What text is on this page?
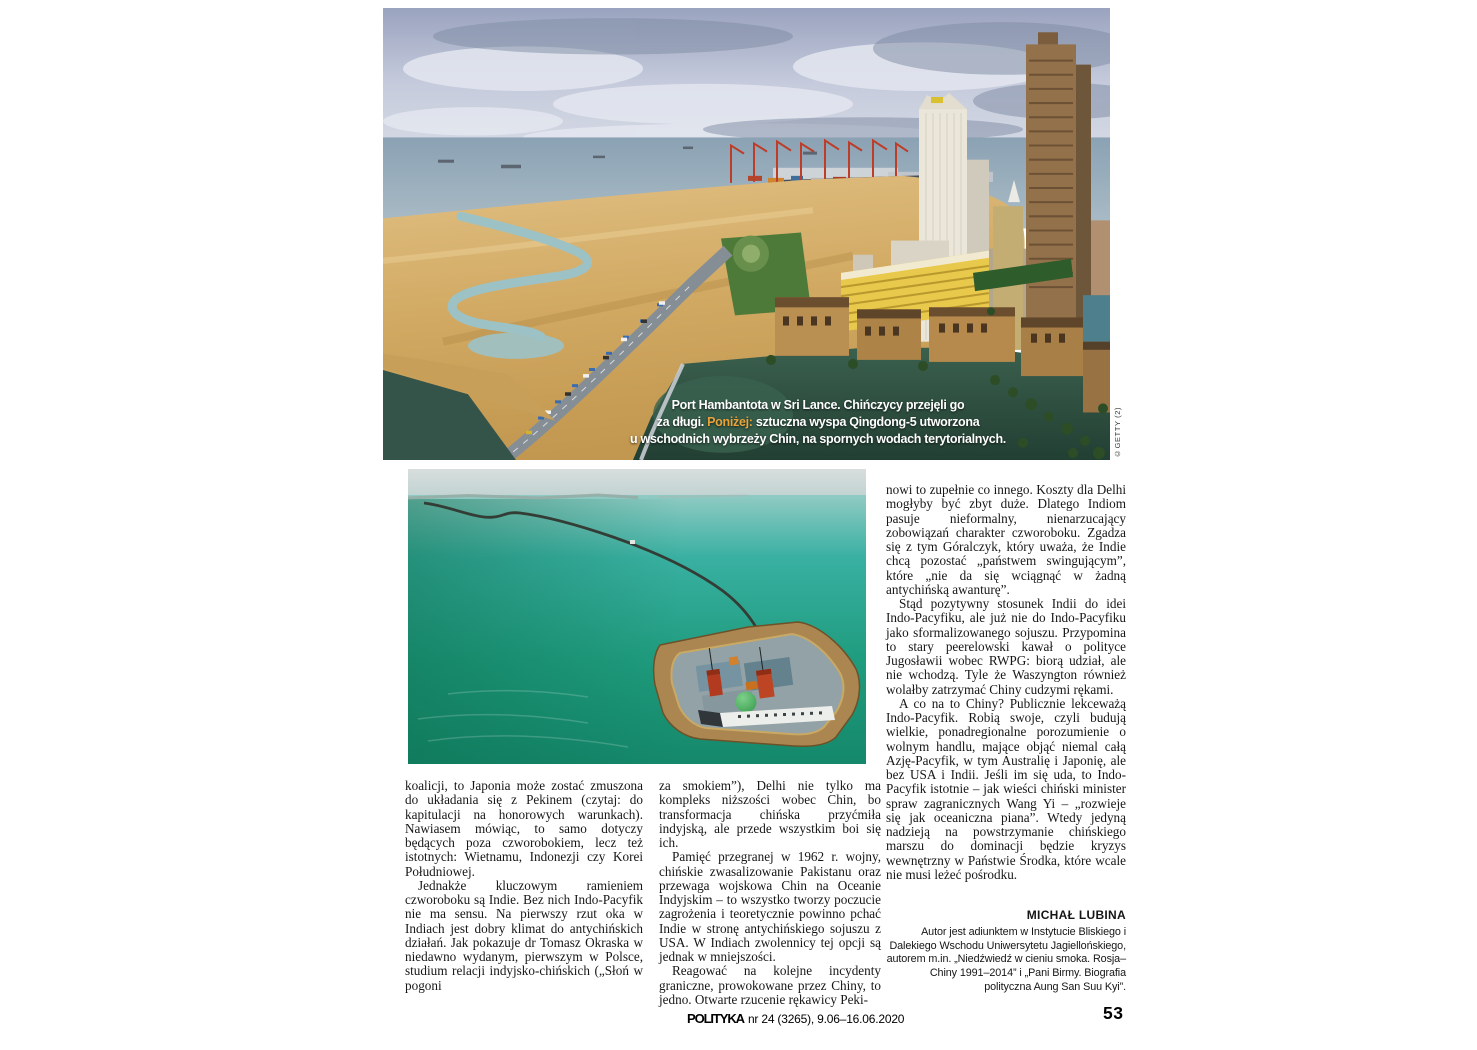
Port Hambantota w Sri Lance. Chińczycy przejęli go
za długi. Poniżej: sztuczna wyspa Qingdong-5 utworzona
u wschodnich wybrzeży Chin, na spornych wodach terytorialnych.	©GETTY (2)

koalicji, to Japonia może zostać zmuszona do układania się z Pekinem (czytaj: do kapitulacji na honorowych warunkach). Nawiasem mówiąc, to samo dotyczy będących poza czworobokiem, lecz też istotnych: Wietnamu, Indonezji czy Korei Południowej.

Jednakże kluczowym ramieniem czworoboku są Indie. Bez nich Indo-Pacyfik nie ma sensu. Na pierwszy rzut oka w Indiach jest dobry klimat do antychińskich działań. Jak pokazuje dr Tomasz Okraska w niedawno wydanym, pierwszym w Polsce, studium relacji indyjsko-chińskich („Słoń w pogoni

za smokiem”), Delhi nie tylko ma kompleks niższości wobec Chin, bo transformacja chińska przyćmiła indyjską, ale przede wszystkim boi się ich.

Pamięć przegranej w 1962 r. wojny, chińskie zwasalizowanie Pakistanu oraz przewaga wojskowa Chin na Oceanie Indyjskim – to wszystko tworzy poczucie zagrożenia i teoretycznie powinno pchać Indie w stronę antychińskiego sojuszu z USA. W Indiach zwolennicy tej opcji są jednak w mniejszości.

Reagować na kolejne incydenty graniczne, prowokowane przez Chiny, to jedno. Otwarte rzucenie rękawicy Peki-

nowi to zupełnie co innego. Koszty dla Delhi mogłyby być zbyt duże. Dlatego Indiom pasuje nieformalny, nienarzucający zobowiązań charakter czworoboku. Zgadza się z tym Góralczyk, który uważa, że Indie chcą pozostać „państwem swingującym”, które „nie da się wciągnąć w żadną antychińską awanturę”.

Stąd pozytywny stosunek Indii do idei Indo-Pacyfiku, ale już nie do Indo-Pacyfiku jako sformalizowanego sojuszu. Przypomina to stary peerelowski kawał o polityce Jugosławii wobec RWPG: biorą udział, ale nie wchodzą. Tyle że Waszyngton również wolałby zatrzymać Chiny cudzymi rękami.

A co na to Chiny? Publicznie lekceważą Indo-Pacyfik. Robią swoje, czyli budują wielkie, ponadregionalne porozumienie o wolnym handlu, mające objąć niemal całą Azję-Pacyfik, w tym Australię i Japonię, ale bez USA i Indii. Jeśli im się uda, to Indo-Pacyfik istotnie – jak wieści chiński minister spraw zagranicznych Wang Yi – „rozwieje się jak oceaniczna piana”. Wtedy jedyną nadzieją na powstrzymanie chińskiego marszu do dominacji będzie kryzys wewnętrzny w Państwie Środka, które wcale nie musi leżeć pośrodku.

MICHAŁ LUBINA
Autor jest adiunktem w Instytucie Bliskiego i Dalekiego Wschodu Uniwersytetu Jagiellońskiego, autorem m.in. „Niedźwiedź w cieniu smoka. Rosja–Chiny 1991–2014” i „Pani Birmy. Biografia polityczna Aung San Suu Kyi”.
POLITYKA nr 24 (3265), 9.06–16.06.2020	53
